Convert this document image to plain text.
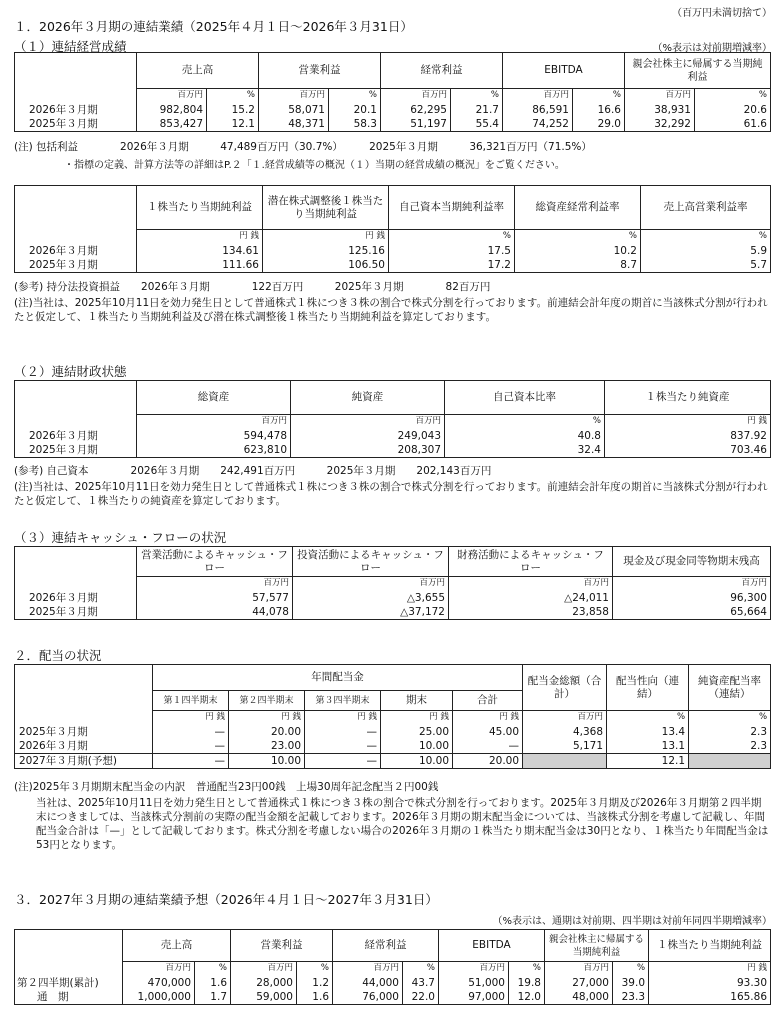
（百万円未満切捨て）
１．2026年３月期の連結業績（2025年４月１日～2026年３月31日）
（１）連結経営成績	（%表示は対前期増減率）
	売上高		営業利益		経常利益		EBITDA		親会社株主に帰属する当期純利益	
	百万円	%	百万円	%	百万円	%	百万円	%	百万円	%
2026年３月期	982,804	15.2	58,071	20.1	62,295	21.7	86,591	16.6	38,931	20.6
2025年３月期	853,427	12.1	48,371	58.3	51,197	55.4	74,252	29.0	32,292	61.6
(注) 包括利益　　　　2026年３月期　　　47,489百万円（30.7%）　　　2025年３月期　　　36,321百万円（71.5%）
・指標の定義、計算方法等の詳細はP.２「１.経営成績等の概況（１）当期の経営成績の概況」をご覧ください。
	１株当たり当期純利益	潜在株式調整後１株当たり当期純利益	自己資本当期純利益率	総資産経常利益率	売上高営業利益率
	円 銭	円 銭	%	%	%
2026年３月期	134.61	125.16	17.5	10.2	5.9
2025年３月期	111.66	106.50	17.2	8.7	5.7
(参考) 持分法投資損益　　2026年３月期　　　　122百万円　　　2025年３月期　　　　82百万円
(注)当社は、2025年10月11日を効力発生日として普通株式１株につき３株の割合で株式分割を行っております。前連結会計年度の期首に当該株式分割が行われたと仮定して、１株当たり当期純利益及び潜在株式調整後１株当たり当期純利益を算定しております。
（２）連結財政状態
	総資産	純資産	自己資本比率	１株当たり純資産
	百万円	百万円	%	円 銭
2026年３月期	594,478	249,043	40.8	837.92
2025年３月期	623,810	208,307	32.4	703.46
(参考) 自己資本　　　　2026年３月期　　242,491百万円　　　2025年３月期　　202,143百万円
(注)当社は、2025年10月11日を効力発生日として普通株式１株につき３株の割合で株式分割を行っております。前連結会計年度の期首に当該株式分割が行われたと仮定して、１株当たりの純資産を算定しております。
（３）連結キャッシュ・フローの状況
	営業活動によるキャッシュ・フロー	投資活動によるキャッシュ・フロー	財務活動によるキャッシュ・フロー	現金及び現金同等物期末残高
	百万円	百万円	百万円	百万円
2026年３月期	57,577	△3,655	△24,011	96,300
2025年３月期	44,078	△37,172	23,858	65,664
２．配当の状況
	年間配当金					配当金総額（合計）	配当性向（連結）	純資産配当率（連結）
	第１四半期末	第２四半期末	第３四半期末	期末	合計			
	円 銭	円 銭	円 銭	円 銭	円 銭	百万円	%	%
2025年３月期	—	20.00	—	25.00	45.00	4,368	13.4	2.3
2026年３月期	—	23.00	—	10.00	—	5,171	13.1	2.3
2027年３月期(予想)	—	10.00	—	10.00	20.00		12.1	
(注)2025年３月期期末配当金の内訳　普通配当23円00銭　上場30周年記念配当２円00銭
当社は、2025年10月11日を効力発生日として普通株式１株につき３株の割合で株式分割を行っております。2025年３月期及び2026年３月期第２四半期末につきましては、当該株式分割前の実際の配当金額を記載しております。2026年３月期の期末配当金については、当該株式分割を考慮して記載し、年間配当金合計は「—」として記載しております。株式分割を考慮しない場合の2026年３月期の１株当たり期末配当金は30円となり、１株当たり年間配当金は53円となります。
３．2027年３月期の連結業績予想（2026年４月１日～2027年３月31日）
（%表示は、通期は対前期、四半期は対前年同四半期増減率）
	売上高		営業利益		経常利益		EBITDA		親会社株主に帰属する当期純利益		１株当たり当期純利益
	百万円	%	百万円	%	百万円	%	百万円	%	百万円	%	円 銭
第２四半期(累計)	470,000	1.6	28,000	1.2	44,000	43.7	51,000	19.8	27,000	39.0	93.30
通　期	1,000,000	1.7	59,000	1.6	76,000	22.0	97,000	12.0	48,000	23.3	165.86
